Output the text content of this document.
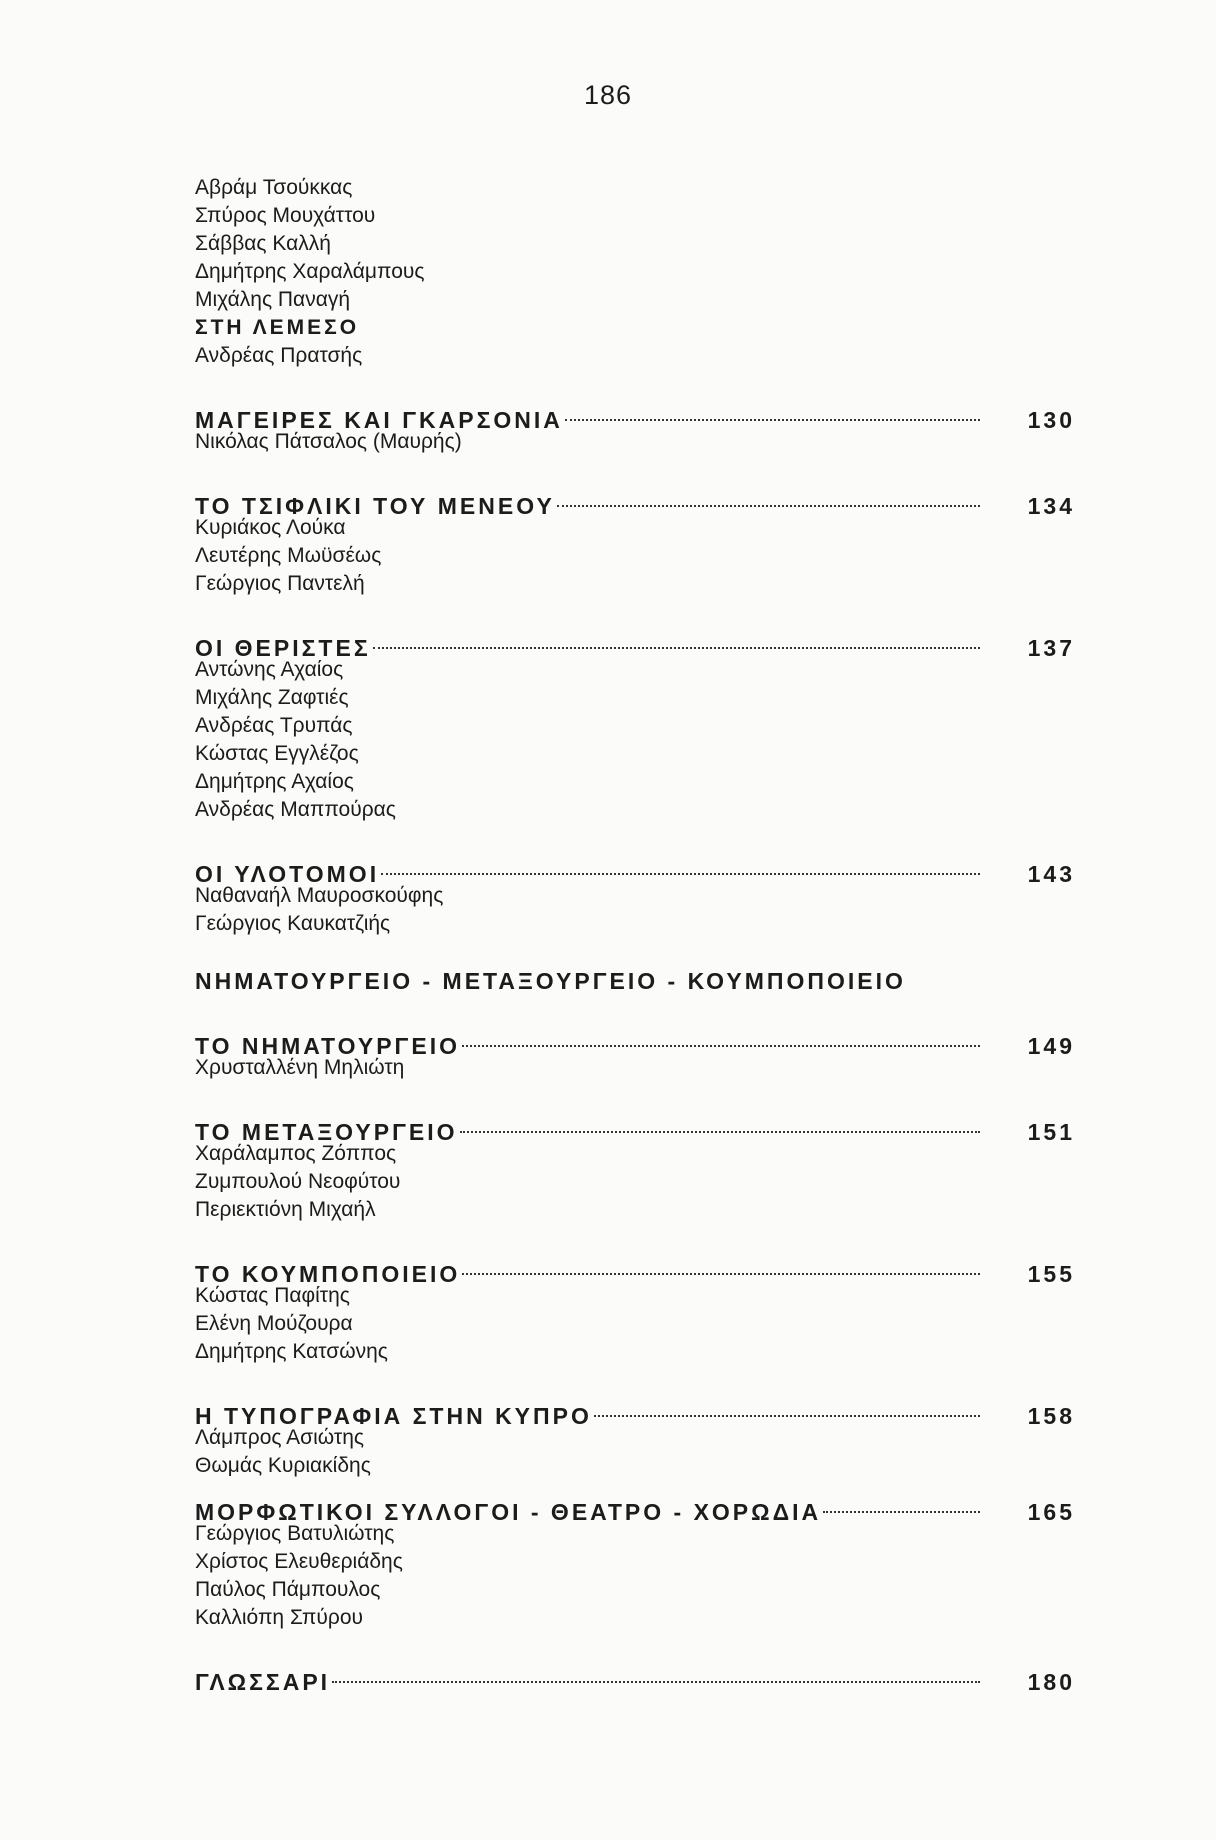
186
Αβράμ Τσούκκας
Σπύρος Μουχάττου
Σάββας Καλλή
Δημήτρης Χαραλάμπους
Μιχάλης Παναγή
ΣΤΗ ΛΕΜΕΣΟ
Ανδρέας Πρατσής
ΜΑΓΕΙΡΕΣ ΚΑΙ ΓΚΑΡΣΟΝΙΑ	130
Νικόλας Πάτσαλος (Μαυρής)
ΤΟ ΤΣΙΦΛΙΚΙ ΤΟΥ ΜΕΝΕΟΥ	134
Κυριάκος Λούκα
Λευτέρης Μωϋσέως
Γεώργιος Παντελή
ΟΙ ΘΕΡΙΣΤΕΣ	137
Αντώνης Αχαίος
Μιχάλης Ζαφτιές
Ανδρέας Τρυπάς
Κώστας Εγγλέζος
Δημήτρης Αχαίος
Ανδρέας Μαππούρας
ΟΙ ΥΛΟΤΟΜΟΙ	143
Ναθαναήλ Μαυροσκούφης
Γεώργιος Καυκατζιής
ΝΗΜΑΤΟΥΡΓΕΙΟ - ΜΕΤΑΞΟΥΡΓΕΙΟ - ΚΟΥΜΠΟΠΟΙΕΙΟ
ΤΟ ΝΗΜΑΤΟΥΡΓΕΙΟ	149
Χρυσταλλένη Μηλιώτη
ΤΟ ΜΕΤΑΞΟΥΡΓΕΙΟ	151
Χαράλαμπος Ζόππος
Ζυμπουλού Νεοφύτου
Περιεκτιόνη Μιχαήλ
ΤΟ ΚΟΥΜΠΟΠΟΙΕΙΟ	155
Κώστας Παφίτης
Ελένη Μούζουρα
Δημήτρης Κατσώνης
Η ΤΥΠΟΓΡΑΦΙΑ ΣΤΗΝ ΚΥΠΡΟ	158
Λάμπρος Ασιώτης
Θωμάς Κυριακίδης
ΜΟΡΦΩΤΙΚΟΙ ΣΥΛΛΟΓΟΙ - ΘΕΑΤΡΟ - ΧΟΡΩΔΙΑ	165
Γεώργιος Βατυλιώτης
Χρίστος Ελευθεριάδης
Παύλος Πάμπουλος
Καλλιόπη Σπύρου
ΓΛΩΣΣΑΡΙ	180
